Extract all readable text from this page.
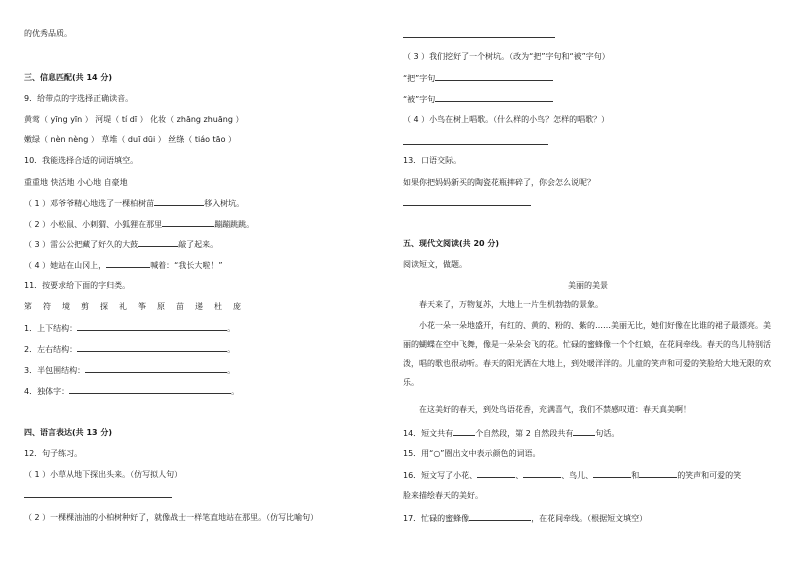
的优秀品质。
三、信息匹配(共 14 分)
9．给带点的字选择正确读音。
黄莺（ yīng yīn ） 河堤（ tí dī ） 化妆（ zhāng zhuāng ）
嫩绿（ nèn nèng ） 草堆（ duī dūi ） 丝绦（ tiáo tāo ）
10．我能选择合适的词语填空。
重重地 快活地 小心地 自豪地
（ 1 ）邓爷爷精心地选了一棵柏树苗	移入树坑。
（ 2 ）小松鼠、小刺猬、小狐狸在那里	蹦蹦跳跳。
（ 3 ）雷公公把藏了好久的大鼓	敲了起来。
（ 4 ）她站在山冈上，	喊着：“我长大啦！”
11．按要求给下面的字归类。
笫 符 境 剪 探 礼 筝 原 苗 递 杜 庞
1．上下结构：	。
2．左右结构：	。
3．半包围结构：	。
4．独体字：	。
四、语言表达(共 13 分)
12．句子练习。
（ 1 ）小草从地下探出头来。（仿写拟人句）
（ 2 ）一棵棵油油的小柏树种好了，就像战士一样笔直地站在那里。（仿写比喻句）
（ 3 ）我们挖好了一个树坑。（改为“把”字句和“被”字句）
“把”字句
“被”字句
（ 4 ）小鸟在树上唱歌。（什么样的小鸟？怎样的唱歌？）
13．口语交际。
如果你把妈妈新买的陶瓷花瓶摔碎了，你会怎么说呢？
五、现代文阅读(共 20 分)
阅读短文，做题。
美丽的美景
春天来了，万物复苏，大地上一片生机勃勃的景象。
小花一朵一朵地盛开，有红的、黄的、粉的、紫的……美丽无比，她们好像在比谁的裙子最漂亮。美丽的蝴蝶在空中飞舞，像是一朵朵会飞的花。忙碌的蜜蜂像一个个红娘，在花间牵线。春天的鸟儿特别活泼，唱的歌也很动听。春天的阳光洒在大地上，到处暖洋洋的。儿童的笑声和可爱的笑脸给大地无限的欢乐。
在这美好的春天，到处鸟语花香，充满喜气，我们不禁感叹道：春天真美啊！
14．短文共有	个自然段，第 2 自然段共有	句话。
15．用“○”圈出文中表示颜色的词语。
16．短文写了小花、	、	、鸟儿、	和	的笑声和可爱的笑
脸来描绘春天的美好。
17．忙碌的蜜蜂像	，在花间牵线。（根据短文填空）
